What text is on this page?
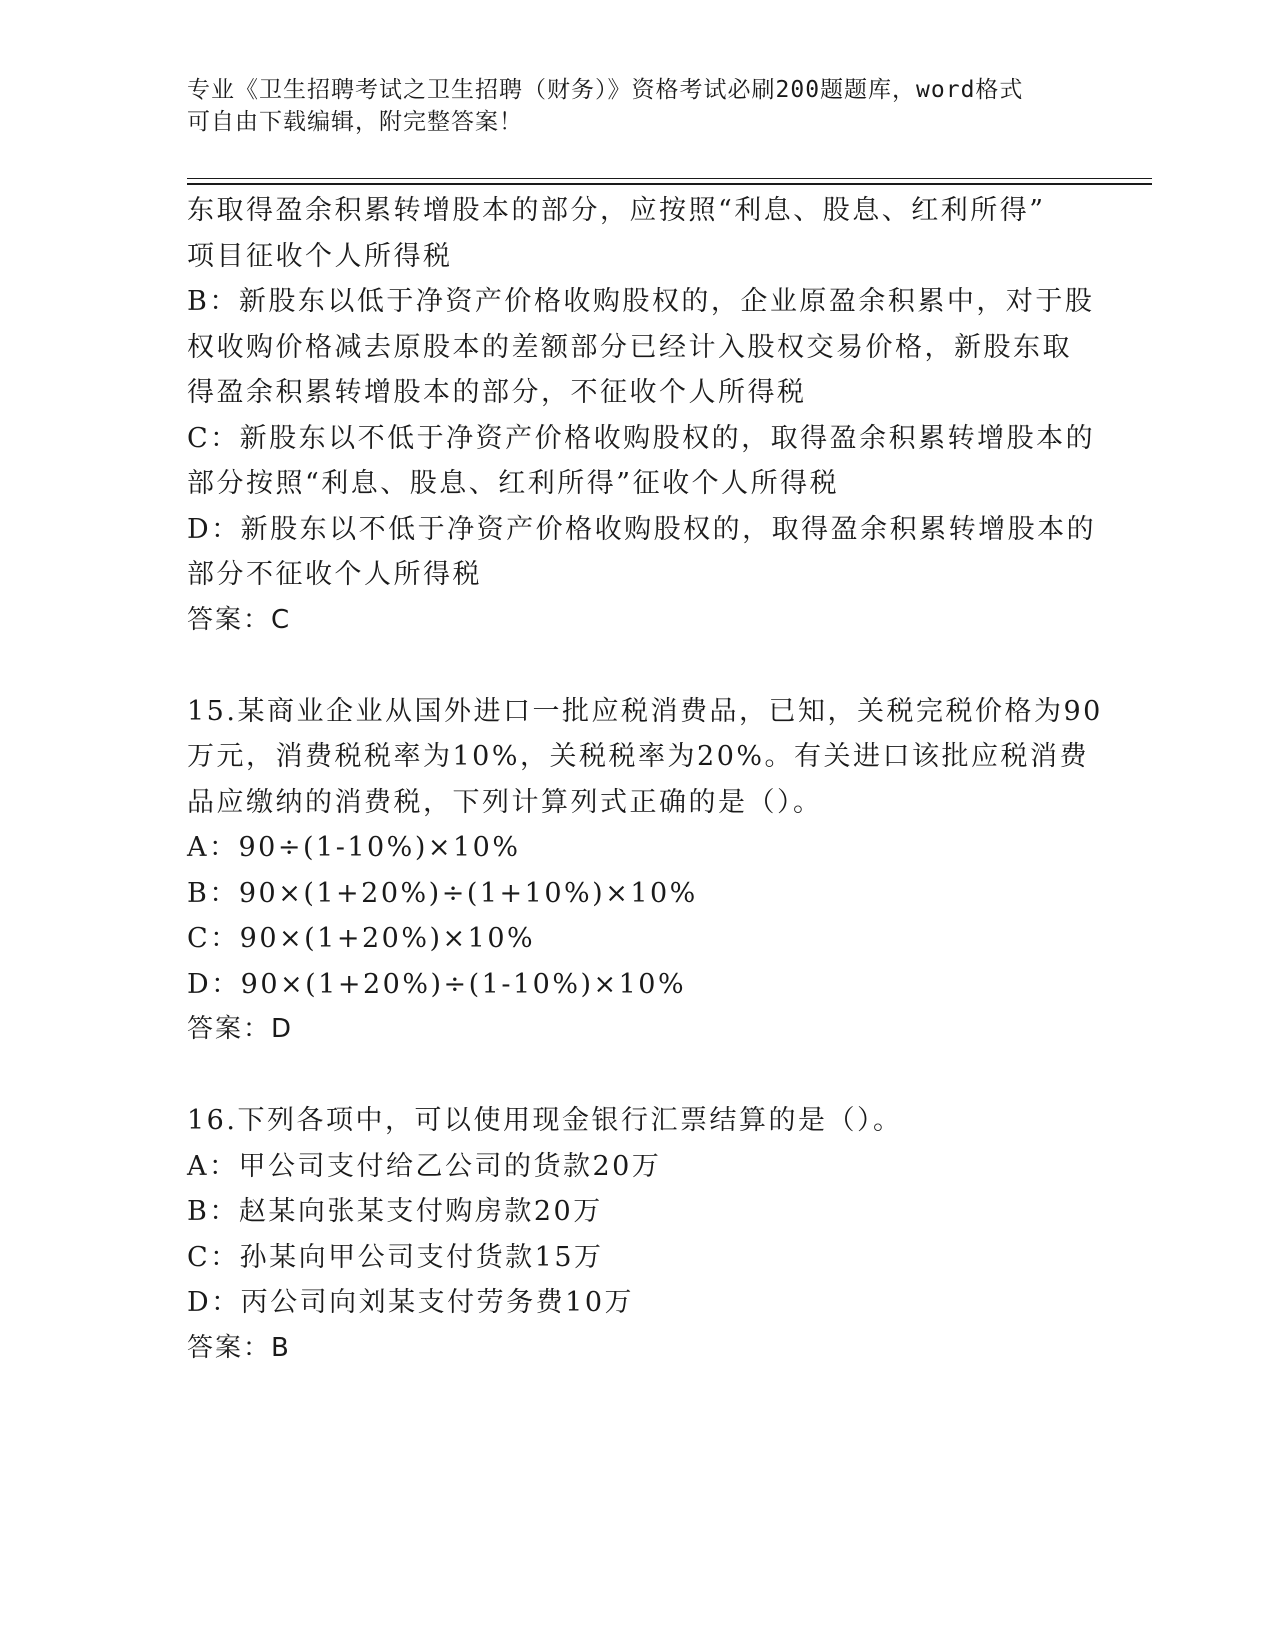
专业《卫生招聘考试之卫生招聘（财务）》资格考试必刷200题题库，word格式
可自由下载编辑，附完整答案！
东取得盈余积累转增股本的部分，应按照“利息、股息、红利所得”
项目征收个人所得税
B：新股东以低于净资产价格收购股权的，企业原盈余积累中，对于股
权收购价格减去原股本的差额部分已经计入股权交易价格，新股东取
得盈余积累转增股本的部分，不征收个人所得税
C：新股东以不低于净资产价格收购股权的，取得盈余积累转增股本的
部分按照“利息、股息、红利所得”征收个人所得税
D：新股东以不低于净资产价格收购股权的，取得盈余积累转增股本的
部分不征收个人所得税
答案：C
15.某商业企业从国外进口一批应税消费品，已知，关税完税价格为90
万元，消费税税率为10%，关税税率为20%。有关进口该批应税消费
品应缴纳的消费税，下列计算列式正确的是（）。
A：90÷(1-10%)×10%
B：90×(1+20%)÷(1+10%)×10%
C：90×(1+20%)×10%
D：90×(1+20%)÷(1-10%)×10%
答案：D
16.下列各项中，可以使用现金银行汇票结算的是（）。
A：甲公司支付给乙公司的货款20万
B：赵某向张某支付购房款20万
C：孙某向甲公司支付货款15万
D：丙公司向刘某支付劳务费10万
答案：B
